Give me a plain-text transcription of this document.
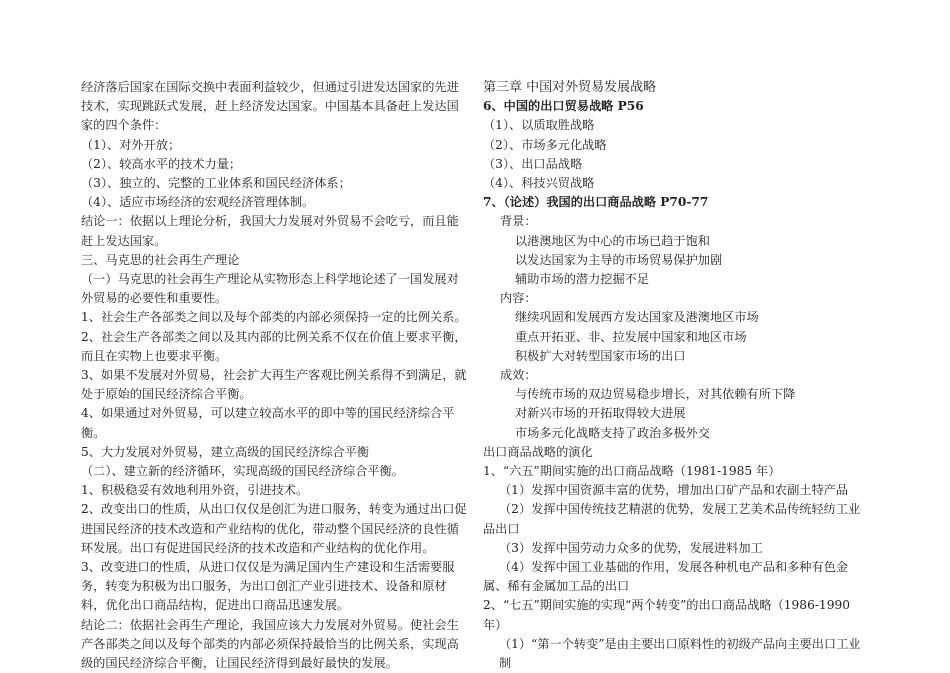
经济落后国家在国际交换中表面利益较少，但通过引进发达国家的先进技术，实现跳跃式发展，赶上经济发达国家。中国基本具备赶上发达国家的四个条件：

（1）、对外开放；

（2）、较高水平的技术力量；

（3）、独立的、完整的工业体系和国民经济体系；

（4）、适应市场经济的宏观经济管理体制。

结论一：依据以上理论分析，我国大力发展对外贸易不会吃亏，而且能赶上发达国家。

三、马克思的社会再生产理论

（一）马克思的社会再生产理论从实物形态上科学地论述了一国发展对外贸易的必要性和重要性。

1、社会生产各部类之间以及每个部类的内部必须保持一定的比例关系。

2、社会生产各部类之间以及其内部的比例关系不仅在价值上要求平衡，而且在实物上也要求平衡。

3、如果不发展对外贸易，社会扩大再生产客观比例关系得不到满足，就处于原始的国民经济综合平衡。

4、如果通过对外贸易，可以建立较高水平的即中等的国民经济综合平衡。

5、大力发展对外贸易，建立高级的国民经济综合平衡

（二）、建立新的经济循环，实现高级的国民经济综合平衡。

1、积极稳妥有效地利用外资，引进技术。

2、改变出口的性质，从出口仅仅是创汇为进口服务，转变为通过出口促进国民经济的技术改造和产业结构的优化，带动整个国民经济的良性循环发展。出口有促进国民经济的技术改造和产业结构的优化作用。

3、改变进口的性质，从进口仅仅是为满足国内生产建设和生活需要服务，转变为积极为出口服务，为出口创汇产业引进技术、设备和原材料，优化出口商品结构，促进出口商品迅速发展。

结论二：依据社会再生产理论，我国应该大力发展对外贸易。使社会生产各部类之间以及每个部类的内部必须保持最恰当的比例关系，实现高级的国民经济综合平衡，让国民经济得到最好最快的发展。

第三章 中国对外贸易发展战略

6、中国的出口贸易战略 P56

（1）、以质取胜战略

（2）、市场多元化战略

（3）、出口品战略

（4）、科技兴贸战略

7、（论述）我国的出口商品战略 P70-77

背景：

以港澳地区为中心的市场已趋于饱和

以发达国家为主导的市场贸易保护加剧

辅助市场的潜力挖掘不足

内容：

继续巩固和发展西方发达国家及港澳地区市场

重点开拓亚、非、拉发展中国家和地区市场

积极扩大对转型国家市场的出口

成效：

与传统市场的双边贸易稳步增长，对其依赖有所下降

对新兴市场的开拓取得较大进展

市场多元化战略支持了政治多极外交

出口商品战略的演化

1、“六五”期间实施的出口商品战略（1981-1985 年）

（1）发挥中国资源丰富的优势，增加出口矿产品和农副土特产品

（2）发挥中国传统技艺精湛的优势，发展工艺美术品传统轻纺工业品出口

（3）发挥中国劳动力众多的优势，发展进料加工

（4）发挥中国工业基础的作用，发展各种机电产品和多种有色金属、稀有金属加工品的出口

2、“七五”期间实施的实现“两个转变”的出口商品战略（1986-1990 年）

（1）“第一个转变”是由主要出口原料性的初级产品向主要出口工业制
